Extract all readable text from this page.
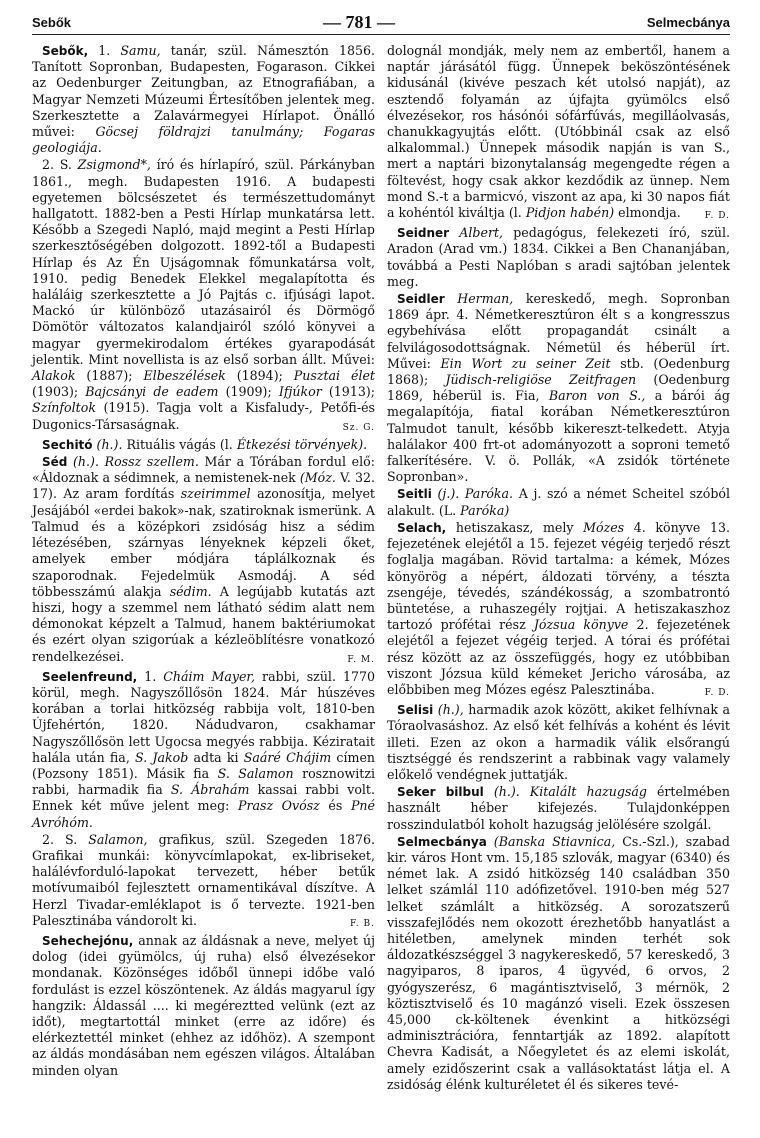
Sebők	— 781 —	Selmecbánya

Sebők, 1. Samu, tanár, szül. Námesztón 1856. Tanított Sopronban, Budapesten, Fogarason. Cikkei az Oedenburger Zeitungban, az Etnografiában, a Magyar Nemzeti Múzeumi Értesítőben jelentek meg. Szerkesztette a Zalavármegyei Hírlapot. Önálló művei: Göcsej földrajzi tanulmány; Fogaras geologiája.

2. S. Zsigmond*, író és hírlapíró, szül. Párkányban 1861., megh. Budapesten 1916. A budapesti egyetemen bölcsészetet és természettudományt hallgatott. 1882-ben a Pesti Hírlap munkatársa lett. Később a Szegedi Napló, majd megint a Pesti Hírlap szerkesztőségében dolgozott. 1892-től a Budapesti Hírlap és Az Én Ujságomnak főmunkatársa volt, 1910. pedig Benedek Elekkel megalapította és haláláig szerkesztette a Jó Pajtás c. ifjúsági lapot. Mackó úr különböző utazásairól és Dörmögő Dömötör változatos kalandjairól szóló könyvei a magyar gyermekirodalom értékes gyarapodását jelentik. Mint novellista is az első sorban állt. Művei: Alakok (1887); Elbeszélések (1894); Pusztai élet (1903); Bajcsányi de eadem (1909); Ifjúkor (1913); Színfoltok (1915). Tagja volt a Kisfaludy-, Petőfi-és Dugonics-Társaságnak.	Sz. G.

Sechitó (h.). Rituális vágás (l. Étkezési törvények).

Séd (h.). Rossz szellem. Már a Tórában fordul elő: «Áldoznak a sédimnek, a nemistenek-nek (Móz. V. 32. 17). Az aram fordítás szeirimmel azonosítja, melyet Jesájából «erdei bakok»-nak, szatiroknak ismerünk. A Talmud és a középkori zsidóság hisz a sédim létezésében, szárnyas lényeknek képzeli őket, amelyek ember módjára táplálkoznak és szaporodnak. Fejedelmük Asmodáj. A séd többesszámú alakja sédim. A legújabb kutatás azt hiszi, hogy a szemmel nem látható sédim alatt nem démonokat képzelt a Talmud, hanem baktériumokat és ezért olyan szigorúak a kézleöblítésre vonatkozó rendelkezései.	F. M.

Seelenfreund, 1. Cháim Mayer, rabbi, szül. 1770 körül, megh. Nagyszőllősön 1824. Már húszéves korában a torlai hitközség rabbija volt, 1810-ben Újfehértón, 1820. Nádudvaron, csakhamar Nagyszőllősön lett Ugocsa megyés rabbija. Kéziratait halála után fia, S. Jakob adta ki Saáré Chájim címen (Pozsony 1851). Másik fia S. Salamon rosznowitzi rabbi, harmadik fia S. Ábrahám kassai rabbi volt. Ennek két műve jelent meg: Prasz Ovósz és Pné Avróhóm.

2. S. Salamon, grafikus, szül. Szegeden 1876. Grafikai munkái: könyvcímlapokat, ex-libriseket, halálévforduló-lapokat tervezett, héber betűk motívumaiból fejlesztett ornamentikával díszítve. A Herzl Tivadar-emléklapot is ő tervezte. 1921-ben Palesztinába vándorolt ki.	F. B.

Sehechejónu, annak az áldásnak a neve, melyet új dolog (idei gyümölcs, új ruha) első élvezésekor mondanak. Közönséges időből ünnepi időbe való fordulást is ezzel köszöntenek. Az áldás magyarul így hangzik: Áldassál .... ki megéreztted velünk (ezt az időt), megtartottál minket (erre az időre) és elérkeztettél minket (ehhez az időhöz). A szempont az áldás mondásában nem egészen világos. Általában minden olyan

dolognál mondják, mely nem az embertől, hanem a naptár járásától függ. Ünnepek beköszöntésének kidusánál (kivéve peszach két utolsó napját), az esztendő folyamán az újfajta gyümölcs első élvezésekor, ros hásónói sófárfúvás, megilláolvasás, chanukkagyujtás előtt. (Utóbbinál csak az első alkalommal.) Ünnepek második napján is van S., mert a naptári bizonytalanság megengedte régen a föltevést, hogy csak akkor kezdődik az ünnep. Nem mond S.-t a barmicvó, viszont az apa, ki 30 napos fiát a kohéntól kiváltja (l. Pidjon habén) elmondja.	F. D.

Seidner Albert, pedagógus, felekezeti író, szül. Aradon (Arad vm.) 1834. Cikkei a Ben Chananjában, továbbá a Pesti Naplóban s aradi sajtóban jelentek meg.

Seidler Herman, kereskedő, megh. Sopronban 1869 ápr. 4. Németkeresztúron élt s a kongresszus egybehívása előtt propagandát csinált a felvilágosodottságnak. Németül és héberül írt. Művei: Ein Wort zu seiner Zeit stb. (Oedenburg 1868); Jüdisch-religiöse Zeitfragen (Oedenburg 1869, héberül is. Fia, Baron von S., a bárói ág megalapítója, fiatal korában Németkeresztúron Talmudot tanult, később kikereszt-telkedett. Atyja halálakor 400 frt-ot adományozott a soproni temető falkerítésére. V. ö. Pollák, «A zsidók története Sopronban».

Seitli (j.). Paróka. A j. szó a német Scheitel szóból alakult. (L. Paróka)

Selach, hetiszakasz, mely Mózes 4. könyve 13. fejezetének elejétől a 15. fejezet végéig terjedő részt foglalja magában. Rövid tartalma: a kémek, Mózes könyörög a népért, áldozati törvény, a tészta zsengéje, tévedés, szándékosság, a szombatrontó büntetése, a ruhaszegély rojtjai. A hetiszakaszhoz tartozó prófétai rész Józsua könyve 2. fejezetének elejétől a fejezet végéig terjed. A tórai és prófétai rész között az az összefüggés, hogy ez utóbbiban viszont Józsua küld kémeket Jericho városába, az előbbiben meg Mózes egész Palesztinába.	F. D.

Selisi (h.), harmadik azok között, akiket felhívnak a Tóraolvasáshoz. Az első két felhívás a kohént és lévit illeti. Ezen az okon a harmadik válik elsőrangú tisztséggé és rendszerint a rabbinak vagy valamely előkelő vendégnek juttatják.

Seker bilbul (h.). Kitalált hazugság értelmében használt héber kifejezés. Tulajdonképpen rosszindulatból koholt hazugság jelölésére szolgál.

Selmecbánya (Banska Stiavnica, Cs.-Szl.), szabad kir. város Hont vm. 15,185 szlovák, magyar (6340) és német lak. A zsidó hitközség 140 családban 350 lelket számlál 110 adófizetővel. 1910-ben még 527 lelket számlált a hitközség. A sorozatszerű visszafejlődés nem okozott érezhetőbb hanyatlást a hitéletben, amelynek minden terhét sok áldozatkészséggel 3 nagykereskedő, 57 kereskedő, 3 nagyiparos, 8 iparos, 4 ügyvéd, 6 orvos, 2 gyógyszerész, 6 magántisztviselő, 3 mérnök, 2 köztisztviselő és 10 magánzó viseli. Ezek összesen 45,000 ck-költenek évenkint a hitközségi adminisztrációra, fenntartják az 1892. alapított Chevra Kadisát, a Nőegyletet és az elemi iskolát, amely ezidőszerint csak a vallásoktatást látja el. A zsidóság élénk kulturéletet él és sikeres tevé-
